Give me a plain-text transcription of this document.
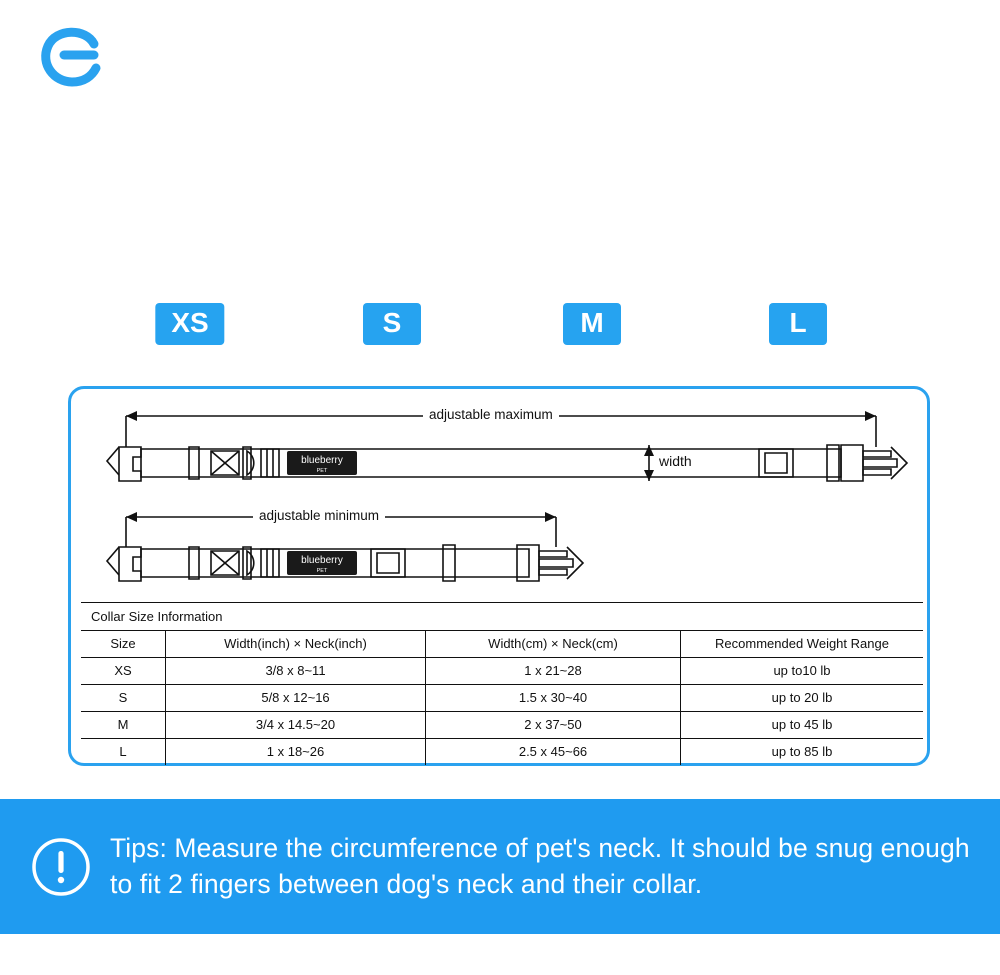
XS	S	M	L
blueberry
PET
blueberry
PET
adjustable maximum
adjustable minimum
width
Collar Size Information
Size	Width(inch) × Neck(inch)	Width(cm) × Neck(cm)	Recommended Weight Range
XS	3/8 x 8~11	1 x 21~28	up to10 lb
S	5/8 x 12~16	1.5 x 30~40	up to 20 lb
M	3/4 x 14.5~20	2 x 37~50	up to 45 lb
L	1 x 18~26	2.5 x 45~66	up to 85 lb
Tips: Measure the circumference of pet's neck. It should be snug enough to fit 2 fingers between dog's neck and their collar.
